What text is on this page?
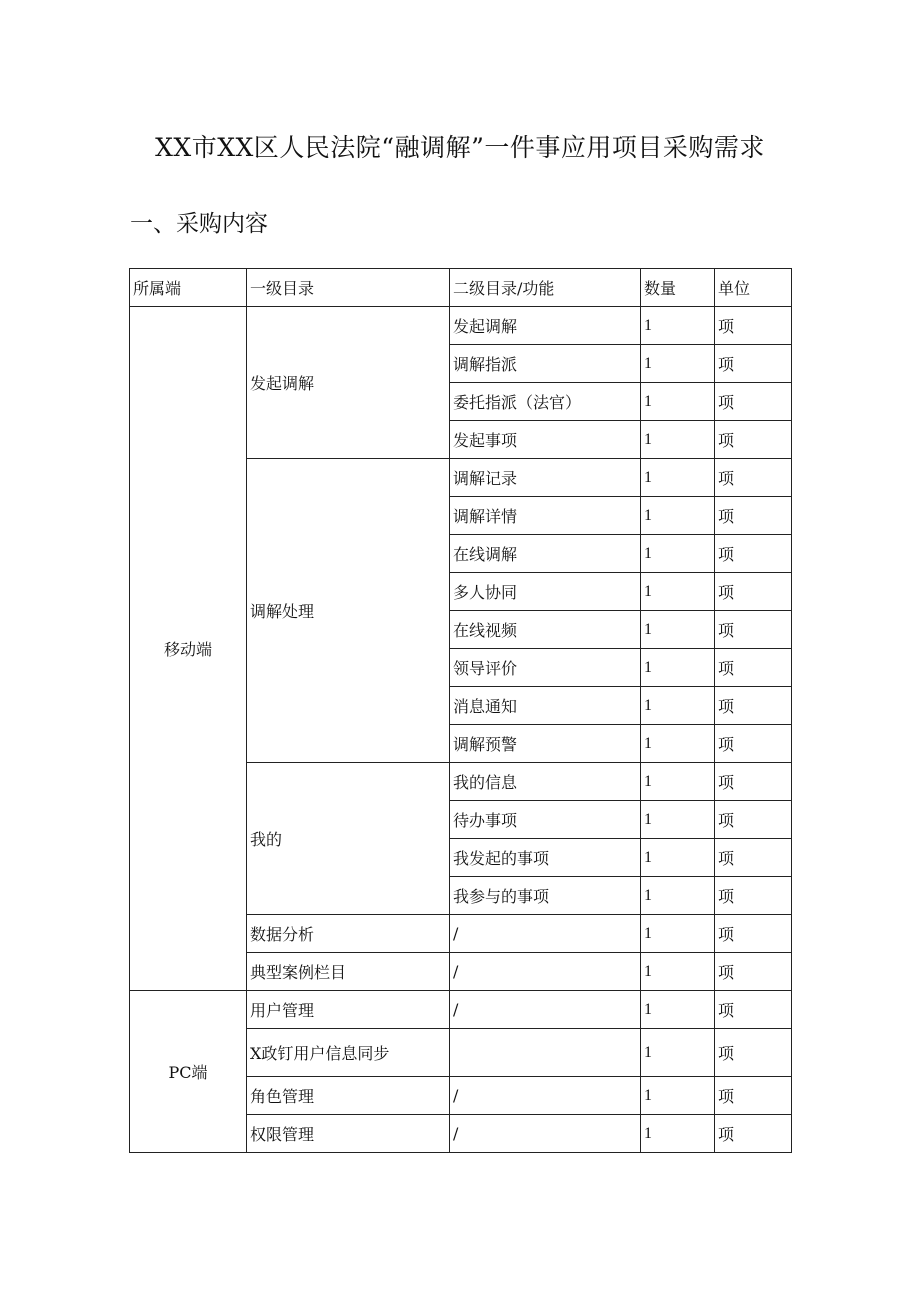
XX市XX区人民法院“融调解”一件事应用项目采购需求
一、采购内容
所属端	一级目录	二级目录/功能	数量	单位
移动端	发起调解	发起调解	1	项
		调解指派	1	项
		委托指派（法官）	1	项
		发起事项	1	项
	调解处理	调解记录	1	项
		调解详情	1	项
		在线调解	1	项
		多人协同	1	项
		在线视频	1	项
		领导评价	1	项
		消息通知	1	项
		调解预警	1	项
	我的	我的信息	1	项
		待办事项	1	项
		我发起的事项	1	项
		我参与的事项	1	项
	数据分析	/	1	项
	典型案例栏目	/	1	项
PC端	用户管理	/	1	项
	X政钉用户信息同步		1	项
	角色管理	/	1	项
	权限管理	/	1	项
